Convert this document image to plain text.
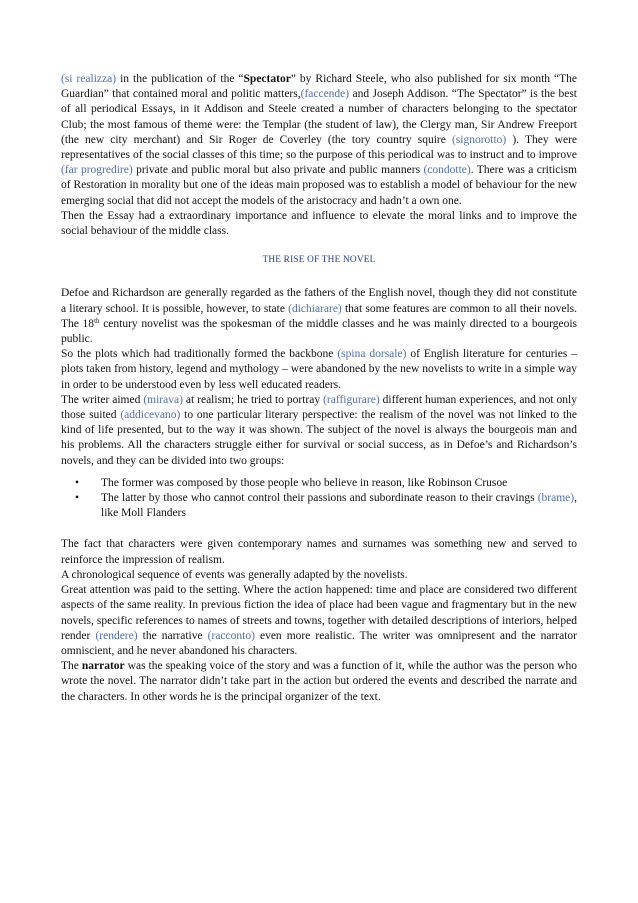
(si realizza) in the publication of the “Spectator” by Richard Steele, who also published for six month “The Guardian” that contained moral and politic matters,(faccende) and Joseph Addison. “The Spectator” is the best of all periodical Essays, in it Addison and Steele created a number of characters belonging to the spectator Club; the most famous of theme were: the Templar (the student of law), the Clergy man, Sir Andrew Freeport (the new city merchant) and Sir Roger de Coverley (the tory country squire (signorotto) ). They were representatives of the social classes of this time; so the purpose of this periodical was to instruct and to improve (far progredire) private and public moral but also private and public manners (condotte). There was a criticism of Restoration in morality but one of the ideas main proposed was to establish a model of behaviour for the new emerging social that did not accept the models of the aristocracy and hadn’t a own one.

Then the Essay had a extraordinary importance and influence to elevate the moral links and to improve the social behaviour of the middle class.

THE RISE OF THE NOVEL

Defoe and Richardson are generally regarded as the fathers of the English novel, though they did not constitute a literary school. It is possible, however, to state (dichiarare) that some features are common to all their novels. The 18th century novelist was the spokesman of the middle classes and he was mainly directed to a bourgeois public.

So the plots which had traditionally formed the backbone (spina dorsale) of English literature for centuries – plots taken from history, legend and mythology – were abandoned by the new novelists to write in a simple way in order to be understood even by less well educated readers.

The writer aimed (mirava) at realism; he tried to portray (raffigurare) different human experiences, and not only those suited (addicevano) to one particular literary perspective: the realism of the novel was not linked to the kind of life presented, but to the way it was shown. The subject of the novel is always the bourgeois man and his problems. All the characters struggle either for survival or social success, as in Defoe’s and Richardson’s novels, and they can be divided into two groups:

• The former was composed by those people who believe in reason, like Robinson Crusoe
• The latter by those who cannot control their passions and subordinate reason to their cravings (brame), like Moll Flanders

The fact that characters were given contemporary names and surnames was something new and served to reinforce the impression of realism.

A chronological sequence of events was generally adapted by the novelists.

Great attention was paid to the setting. Where the action happened: time and place are considered two different aspects of the same reality. In previous fiction the idea of place had been vague and fragmentary but in the new novels, specific references to names of streets and towns, together with detailed descriptions of interiors, helped render (rendere) the narrative (racconto) even more realistic. The writer was omnipresent and the narrator omniscient, and he never abandoned his characters.

The narrator was the speaking voice of the story and was a function of it, while the author was the person who wrote the novel. The narrator didn’t take part in the action but ordered the events and described the narrate and the characters. In other words he is the principal organizer of the text.
